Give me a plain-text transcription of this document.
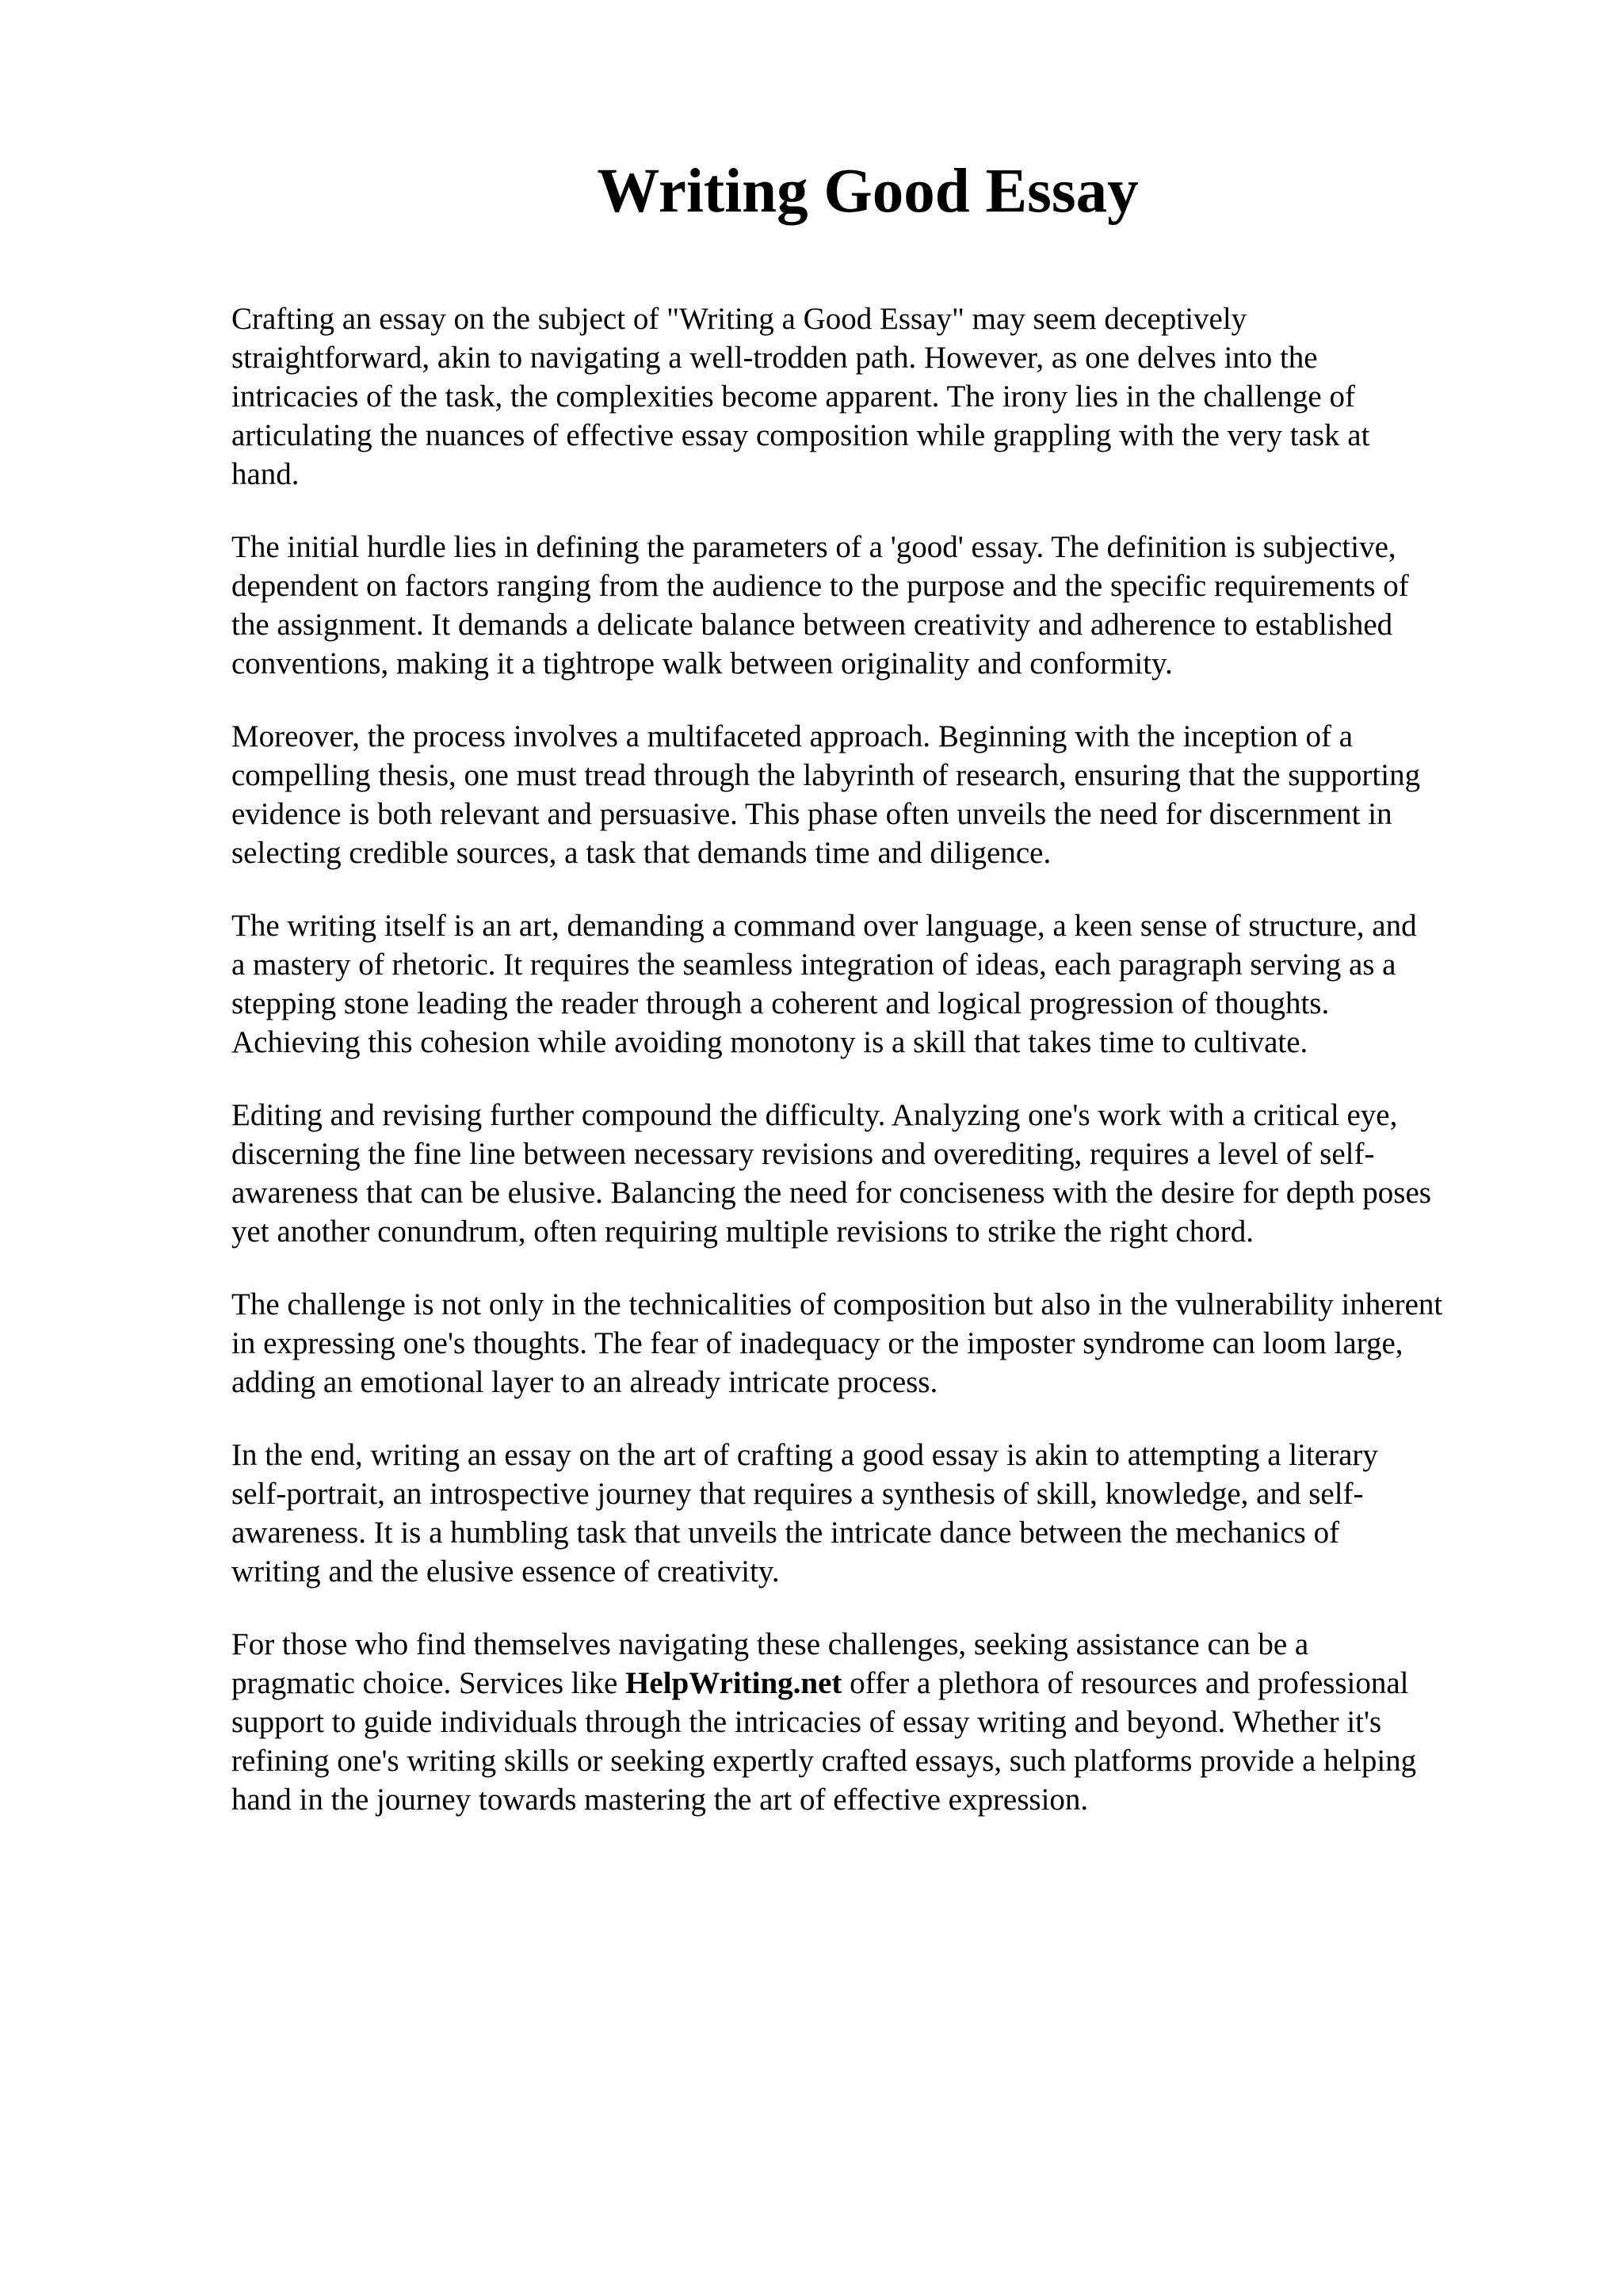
Writing Good Essay

Crafting an essay on the subject of "Writing a Good Essay" may seem deceptively
straightforward, akin to navigating a well-trodden path. However, as one delves into the
intricacies of the task, the complexities become apparent. The irony lies in the challenge of
articulating the nuances of effective essay composition while grappling with the very task at
hand.

The initial hurdle lies in defining the parameters of a 'good' essay. The definition is subjective,
dependent on factors ranging from the audience to the purpose and the specific requirements of
the assignment. It demands a delicate balance between creativity and adherence to established
conventions, making it a tightrope walk between originality and conformity.

Moreover, the process involves a multifaceted approach. Beginning with the inception of a
compelling thesis, one must tread through the labyrinth of research, ensuring that the supporting
evidence is both relevant and persuasive. This phase often unveils the need for discernment in
selecting credible sources, a task that demands time and diligence.

The writing itself is an art, demanding a command over language, a keen sense of structure, and
a mastery of rhetoric. It requires the seamless integration of ideas, each paragraph serving as a
stepping stone leading the reader through a coherent and logical progression of thoughts.
Achieving this cohesion while avoiding monotony is a skill that takes time to cultivate.

Editing and revising further compound the difficulty. Analyzing one's work with a critical eye,
discerning the fine line between necessary revisions and overediting, requires a level of self-
awareness that can be elusive. Balancing the need for conciseness with the desire for depth poses
yet another conundrum, often requiring multiple revisions to strike the right chord.

The challenge is not only in the technicalities of composition but also in the vulnerability inherent
in expressing one's thoughts. The fear of inadequacy or the imposter syndrome can loom large,
adding an emotional layer to an already intricate process.

In the end, writing an essay on the art of crafting a good essay is akin to attempting a literary
self-portrait, an introspective journey that requires a synthesis of skill, knowledge, and self-
awareness. It is a humbling task that unveils the intricate dance between the mechanics of
writing and the elusive essence of creativity.

For those who find themselves navigating these challenges, seeking assistance can be a
pragmatic choice. Services like HelpWriting.net offer a plethora of resources and professional
support to guide individuals through the intricacies of essay writing and beyond. Whether it's
refining one's writing skills or seeking expertly crafted essays, such platforms provide a helping
hand in the journey towards mastering the art of effective expression.
